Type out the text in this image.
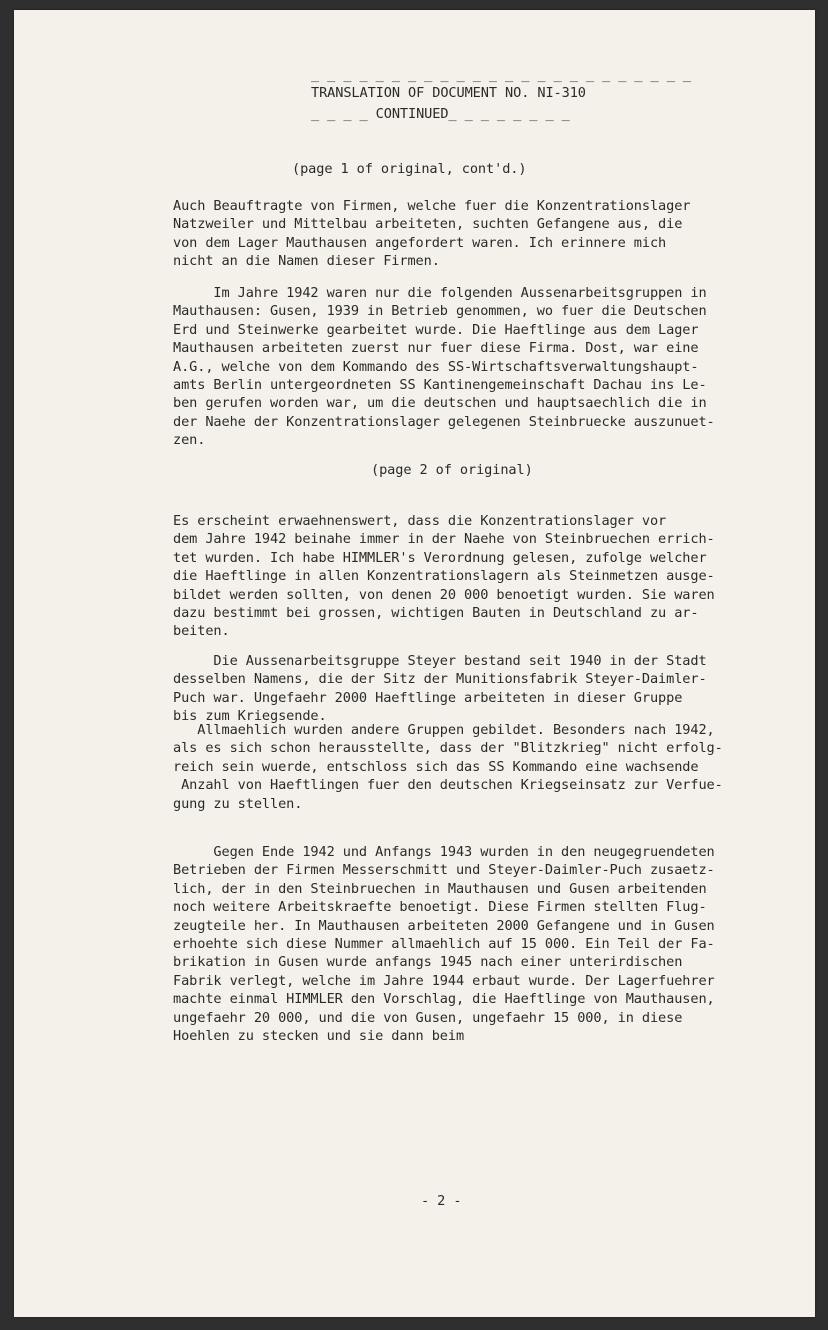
_ _ _ _ _ _ _ _ _ _ _ _ _ _ _ _ _ _ _ _ _ _ _ _
TRANSLATION OF DOCUMENT NO. NI-310
_ _ _ _ CONTINUED_ _ _ _ _ _ _ _
(page 1 of original, cont'd.)
Auch Beauftragte von Firmen, welche fuer die Konzentrationslager
Natzweiler und Mittelbau arbeiteten, suchten Gefangene aus, die
von dem Lager Mauthausen angefordert waren. Ich erinnere mich
nicht an die Namen dieser Firmen.
Im Jahre 1942 waren nur die folgenden Aussenarbeitsgruppen in
Mauthausen: Gusen, 1939 in Betrieb genommen, wo fuer die Deutschen
Erd und Steinwerke gearbeitet wurde. Die Haeftlinge aus dem Lager
Mauthausen arbeiteten zuerst nur fuer diese Firma. Dost, war eine
A.G., welche von dem Kommando des SS-Wirtschaftsverwaltungshaupt-
amts Berlin untergeordneten SS Kantinengemeinschaft Dachau ins Le-
ben gerufen worden war, um die deutschen und hauptsaechlich die in
der Naehe der Konzentrationslager gelegenen Steinbruecke auszunuet-
zen.
(page 2 of original)
Es erscheint erwaehnenswert, dass die Konzentrationslager vor
dem Jahre 1942 beinahe immer in der Naehe von Steinbruechen errich-
tet wurden. Ich habe HIMMLER's Verordnung gelesen, zufolge welcher
die Haeftlinge in allen Konzentrationslagern als Steinmetzen ausge-
bildet werden sollten, von denen 20 000 benoetigt wurden. Sie waren
dazu bestimmt bei grossen, wichtigen Bauten in Deutschland zu ar-
beiten.
Die Aussenarbeitsgruppe Steyer bestand seit 1940 in der Stadt
desselben Namens, die der Sitz der Munitionsfabrik Steyer-Daimler-
Puch war. Ungefaehr 2000 Haeftlinge arbeiteten in dieser Gruppe
bis zum Kriegsende.
Allmaehlich wurden andere Gruppen gebildet. Besonders nach 1942,
als es sich schon herausstellte, dass der "Blitzkrieg" nicht erfolg-
reich sein wuerde, entschloss sich das SS Kommando eine wachsende
Anzahl von Haeftlingen fuer den deutschen Kriegseinsatz zur Verfue-
gung zu stellen.
Gegen Ende 1942 und Anfangs 1943 wurden in den neugegruendeten
Betrieben der Firmen Messerschmitt und Steyer-Daimler-Puch zusaetz-
lich, der in den Steinbruechen in Mauthausen und Gusen arbeitenden
noch weitere Arbeitskraefte benoetigt. Diese Firmen stellten Flug-
zeugteile her. In Mauthausen arbeiteten 2000 Gefangene und in Gusen
erhoehte sich diese Nummer allmaehlich auf 15 000. Ein Teil der Fa-
brikation in Gusen wurde anfangs 1945 nach einer unterirdischen
Fabrik verlegt, welche im Jahre 1944 erbaut wurde. Der Lagerfuehrer
machte einmal HIMMLER den Vorschlag, die Haeftlinge von Mauthausen,
ungefaehr 20 000, und die von Gusen, ungefaehr 15 000, in diese
Hoehlen zu stecken und sie dann beim
- 2 -
